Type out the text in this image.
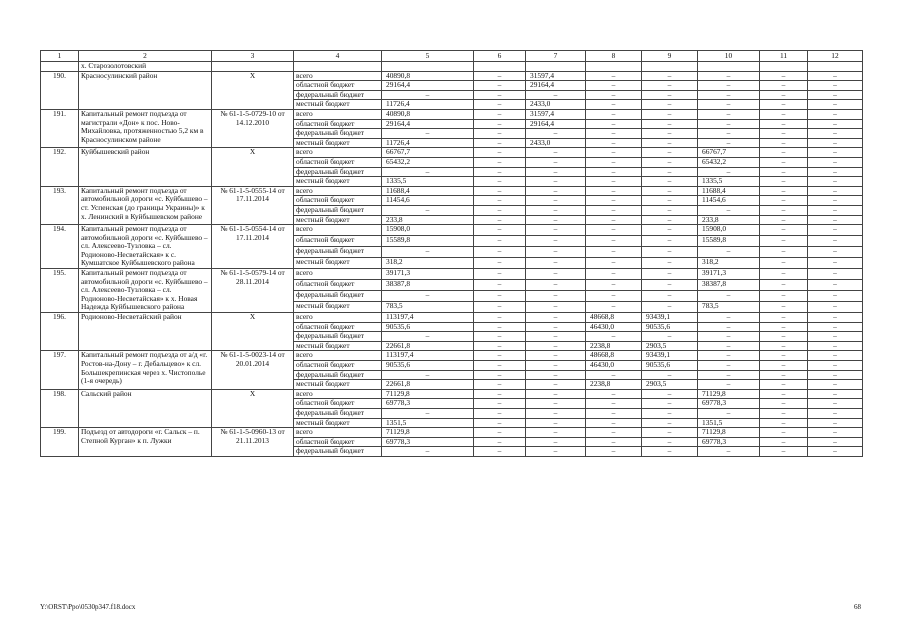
1	2	3	4	5	6	7	8	9	10	11	12
	х. Старозолотовский										
190.	Красносулинский район	Х	всего	40890,8	–	31597,4	–	–	–	–	–
			областной бюджет	29164,4	–	29164,4	–	–	–	–	–
			федеральный бюджет	–	–	–	–	–	–	–	–
			местный бюджет	11726,4	–	2433,0	–	–	–	–	–
191.	Капитальный ремонт подъезда от магистрали «Дон» к пос. Ново-Михайловка, протяженностью 5,2 км в Красносулинском районе	№ 61-1-5-0729-10 от 14.12.2010	всего	40890,8	–	31597,4	–	–	–	–	–
			областной бюджет	29164,4	–	29164,4	–	–	–	–	–
			федеральный бюджет	–	–	–	–	–	–	–	–
			местный бюджет	11726,4	–	2433,0	–	–	–	–	–
192.	Куйбышевский район	Х	всего	66767,7	–	–	–	–	66767,7	–	–
			областной бюджет	65432,2	–	–	–	–	65432,2	–	–
			федеральный бюджет	–	–	–	–	–	–	–	–
			местный бюджет	1335,5	–	–	–	–	1335,5	–	–
193.	Капитальный ремонт подъезда от автомобильной дороги «с. Куйбышево – ст. Успенская (до границы Украины)» к х. Ленинский в Куйбышевском районе	№ 61-1-5-0555-14 от 17.11.2014	всего	11688,4	–	–	–	–	11688,4	–	–
			областной бюджет	11454,6	–	–	–	–	11454,6	–	–
			федеральный бюджет	–	–	–	–	–	–	–	–
			местный бюджет	233,8	–	–	–	–	233,8	–	–
194.	Капитальный ремонт подъезда от автомобильной дороги «с. Куйбышево – сл. Алексеево-Тузловка – сл. Родионово-Несветайская» к с. Кумшатское Куйбышевского района	№ 61-1-5-0554-14 от 17.11.2014	всего	15908,0	–	–	–	–	15908,0	–	–
			областной бюджет	15589,8	–	–	–	–	15589,8	–	–
			федеральный бюджет	–	–	–	–	–	–	–	–
			местный бюджет	318,2	–	–	–	–	318,2	–	–
195.	Капитальный ремонт подъезда от автомобильной дороги «с. Куйбышево – сл. Алексеево-Тузловка – сл. Родионово-Несветайская» к х. Новая Надежда Куйбышевского района	№ 61-1-5-0579-14 от 28.11.2014	всего	39171,3	–	–	–	–	39171,3	–	–
			областной бюджет	38387,8	–	–	–	–	38387,8	–	–
			федеральный бюджет	–	–	–	–	–	–	–	–
			местный бюджет	783,5	–	–	–	–	783,5	–	–
196.	Родионово-Несветайский район	Х	всего	113197,4	–	–	48668,8	93439,1	–	–	–
			областной бюджет	90535,6	–	–	46430,0	90535,6	–	–	–
			федеральный бюджет	–	–	–	–	–	–	–	–
			местный бюджет	22661,8	–	–	2238,8	2903,5	–	–	–
197.	Капитальный ремонт подъезда от а/д «г. Ростов-на-Дону – г. Дебальцево» к сл. Большекрепинская через х. Чистополье (1-я очередь)	№ 61-1-5-0023-14 от 20.01.2014	всего	113197,4	–	–	48668,8	93439,1	–	–	–
			областной бюджет	90535,6	–	–	46430,0	90535,6	–	–	–
			федеральный бюджет	–	–	–	–	–	–	–	–
			местный бюджет	22661,8	–	–	2238,8	2903,5	–	–	–
198.	Сальский район	Х	всего	71129,8	–	–	–	–	71129,8	–	–
			областной бюджет	69778,3	–	–	–	–	69778,3	–	–
			федеральный бюджет	–	–	–	–	–	–	–	–
			местный бюджет	1351,5	–	–	–	–	1351,5	–	–
199.	Подъезд от автодороги «г. Сальск – п. Степной Курган» к п. Лужки	№ 61-1-5-0960-13 от 21.11.2013	всего	71129,8	–	–	–	–	71129,8	–	–
			областной бюджет	69778,3	–	–	–	–	69778,3	–	–
			федеральный бюджет	–	–	–	–	–	–	–	–
Y:\ORST\Ppo\0530p347.f18.docx	68
